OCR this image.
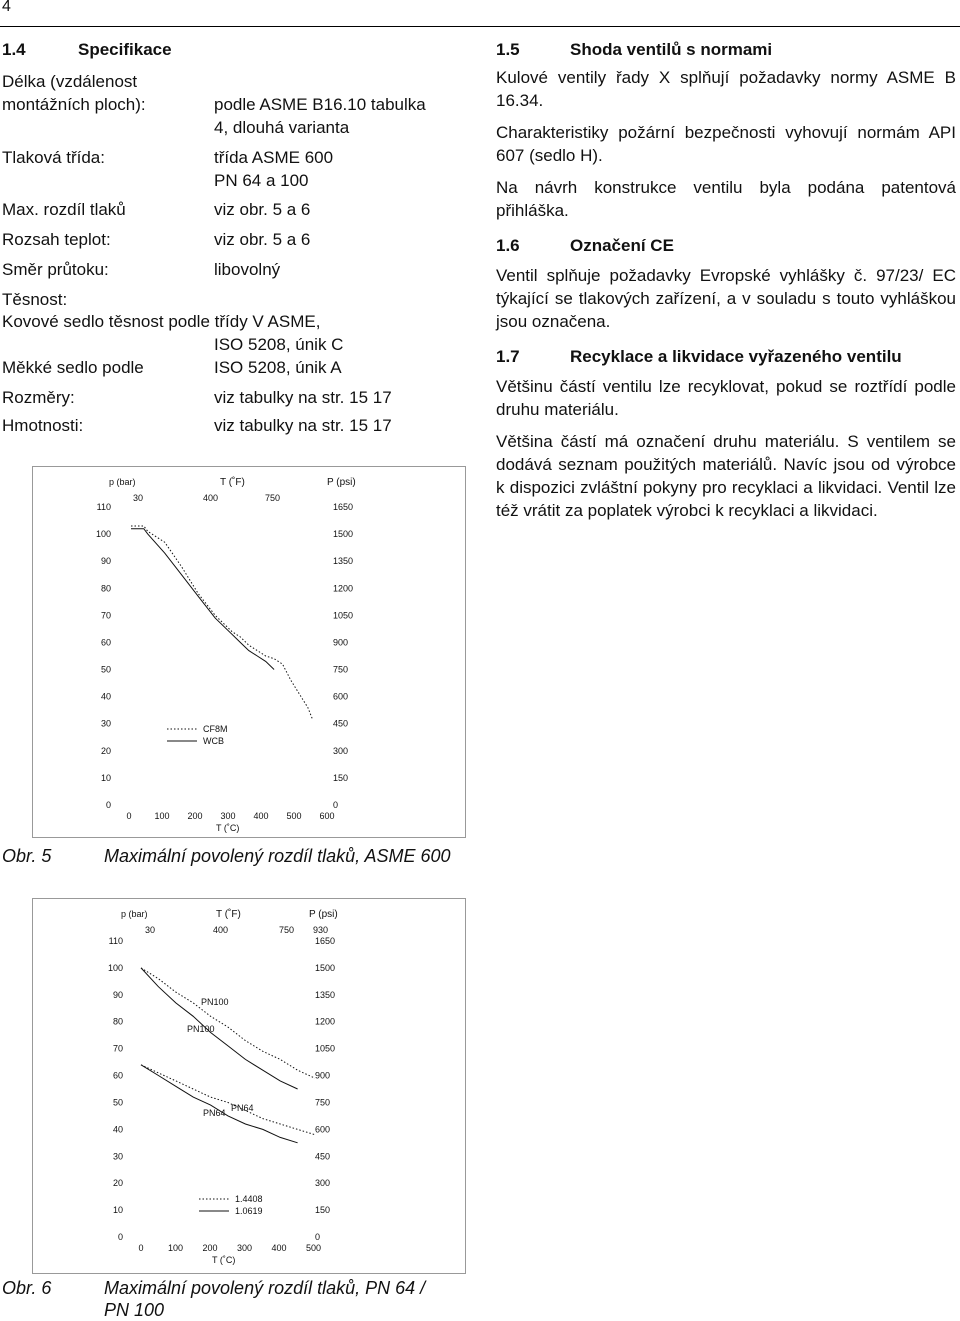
4
1.4	Specifikace
Délka (vzdálenost
montážních ploch):	podle ASME B16.10 tabulka
4, dlouhá varianta
Tlaková třída:	třída ASME 600
PN 64 a 100
Max. rozdíl tlaků	viz obr. 5 a 6
Rozsah teplot:	viz obr. 5 a 6
Směr průtoku:	libovolný
Těsnost:
Kovové sedlo těsnost podle třídy V ASME,
ISO 5208, únik C
Měkké sedlo podle	ISO 5208, únik A
Rozměry:	viz tabulky na str. 15 17
Hmotnosti:	viz tabulky na str. 15 17
1.5	Shoda ventilů s normami

Kulové ventily řady X splňují požadavky normy ASME B 16.34.

Charakteristiky požární bezpečnosti vyhovují normám API 607 (sedlo H).

Na návrh konstrukce ventilu byla podána patentová přihláška.

1.6	Označení CE

Ventil splňuje požadavky Evropské vyhlášky č. 97/23/ EC týkající se tlakových zařízení, a v souladu s touto vyhláškou jsou označena.

1.7	Recyklace a likvidace vyřazeného ventilu

Většinu částí ventilu lze recyklovat, pokud se roztřídí podle druhu materiálu.

Většina částí má označení druhu materiálu. S ventilem se dodává seznam použitých materiálů. Navíc jsou od výrobce k dispozici zvláštní pokyny pro recyklaci a likvidaci. Ventil lze též vrátit za poplatek výrobci k recyklaci a likvidaci.

p (bar)	T (˚F)	P (psi)
30	400	750
0
10
20
30
40
50
60
70
80
90
100
110
0
150
300
450
600
750
900
1050
1200
1350
1500
1650
0	100 200 300 400 500 600
T (˚C)
CF8M
WCB
Obr. 5	Maximální povolený rozdíl tlaků, ASME 600
p (bar)	T (˚F)	P (psi)
30	400	750 930
0
10
20
30
40
50
60
70
80
90
100
110
0
150
300
450
600
750
900
1050
1200
1350
1500
1650
0	100 200 300 400 500
T (˚C)
1.4408
1.0619
PN100
PN100
PN64
PN64
Obr. 6	Maximální povolený rozdíl tlaků, PN 64 /
PN 100
